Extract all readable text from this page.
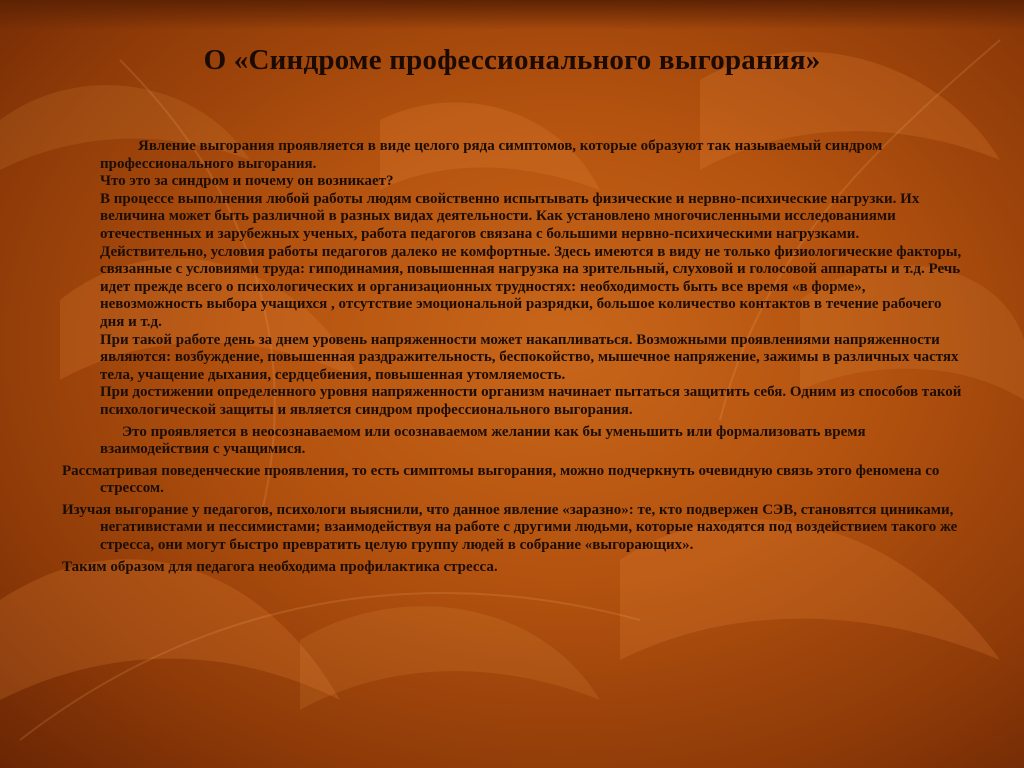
О «Синдроме профессионального выгорания»

Явление выгорания проявляется в виде целого ряда симптомов, которые образуют так называемый синдром профессионального выгорания.

Что это за синдром и почему он возникает?

В процессе выполнения любой работы людям свойственно испытывать физические и нервно-психические нагрузки. Их величина может быть различной в разных видах деятельности. Как установлено многочисленными исследованиями отечественных и зарубежных ученых, работа педагогов связана с большими нервно-психическими нагрузками.

Действительно, условия работы педагогов далеко не комфортные. Здесь имеются в виду не только физиологические факторы, связанные с условиями труда: гиподинамия, повышенная нагрузка на зрительный, слуховой и голосовой аппараты и т.д. Речь идет прежде всего о психологических и организационных трудностях: необходимость быть все время «в форме», невозможность выбора учащихся , отсутствие эмоциональной разрядки, большое количество контактов в течение рабочего дня и т.д.

При такой работе день за днем уровень напряженности может накапливаться. Возможными проявлениями напряженности являются: возбуждение, повышенная раздражительность, беспокойство, мышечное напряжение, зажимы в различных частях тела, учащение дыхания, сердцебиения, повышенная утомляемость.

При достижении определенного уровня напряженности организм начинает пытаться защитить себя. Одним из способов такой психологической защиты и является синдром профессионального выгорания.

Это проявляется в неосознаваемом или осознаваемом желании как бы уменьшить или формализовать время взаимодействия с учащимися.

Рассматривая поведенческие проявления, то есть симптомы выгорания, можно подчеркнуть очевидную связь этого феномена со стрессом.

Изучая выгорание у педагогов, психологи выяснили, что данное явление «заразно»: те, кто подвержен СЭВ, становятся циниками, негативистами и пессимистами; взаимодействуя на работе с другими людьми, которые находятся под воздействием такого же стресса, они могут быстро превратить целую группу людей в собрание «выгорающих».

Таким образом для педагога необходима профилактика стресса.
